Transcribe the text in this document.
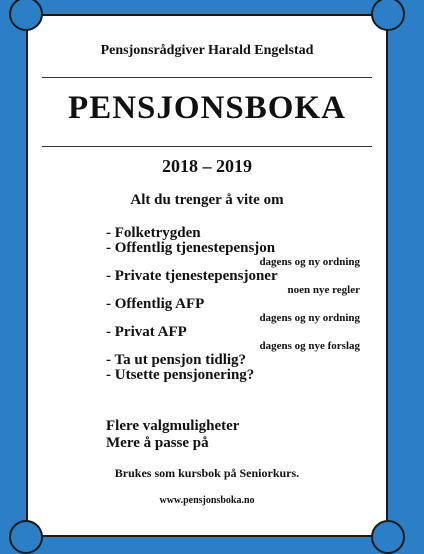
Pensjonsrådgiver Harald Engelstad
PENSJONSBOKA
2018 – 2019
Alt du trenger å vite om
- Folketrygden
- Offentlig tjenestepensjon
dagens og ny ordning
- Private tjenestepensjoner
noen nye regler
- Offentlig AFP
dagens og ny ordning
- Privat AFP
dagens og nye forslag
- Ta ut pensjon tidlig?
- Utsette pensjonering?
Flere valgmuligheter
Mere å passe på
Brukes som kursbok på Seniorkurs.
www.pensjonsboka.no
